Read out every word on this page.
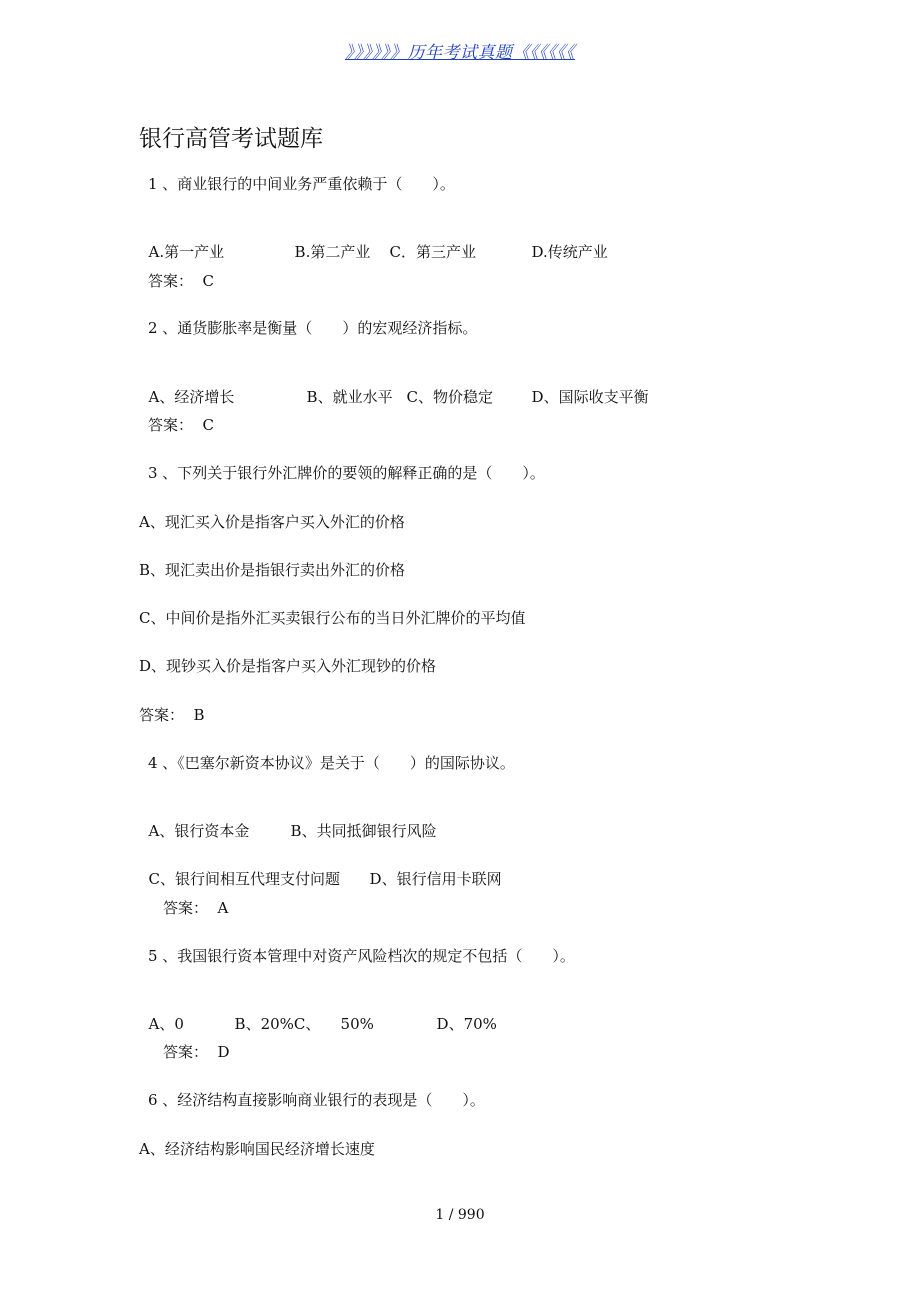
》》》》》》历年考试真题《《《《《《
银行高管考试题库
1 、商业银行的中间业务严重依赖于（　　）。

A.第一产业	B.第二产业 C．第三产业	D.传统产业

答案：  C
2 、通货膨胀率是衡量（　　）的宏观经济指标。

A、经济增长	B、就业水平 C、物价稳定	D、国际收支平衡

答案：  C
3 、下列关于银行外汇牌价的要领的解释正确的是（　　）。
A、现汇买入价是指客户买入外汇的价格
B、现汇卖出价是指银行卖出外汇的价格
C、中间价是指外汇买卖银行公布的当日外汇牌价的平均值
D、现钞买入价是指客户买入外汇现钞的价格
答案：  B
4 、《巴塞尔新资本协议》是关于（　　）的国际协议。

A、银行资本金	B、共同抵御银行风险

C、银行间相互代理支付问题 D、银行信用卡联网

答案：  A
5 、我国银行资本管理中对资产风险档次的规定不包括（　　）。

A、0	B、20%C、 50%	D、70%

答案：  D
6 、经济结构直接影响商业银行的表现是（　　）。
A、经济结构影响国民经济增长速度
1 / 990
